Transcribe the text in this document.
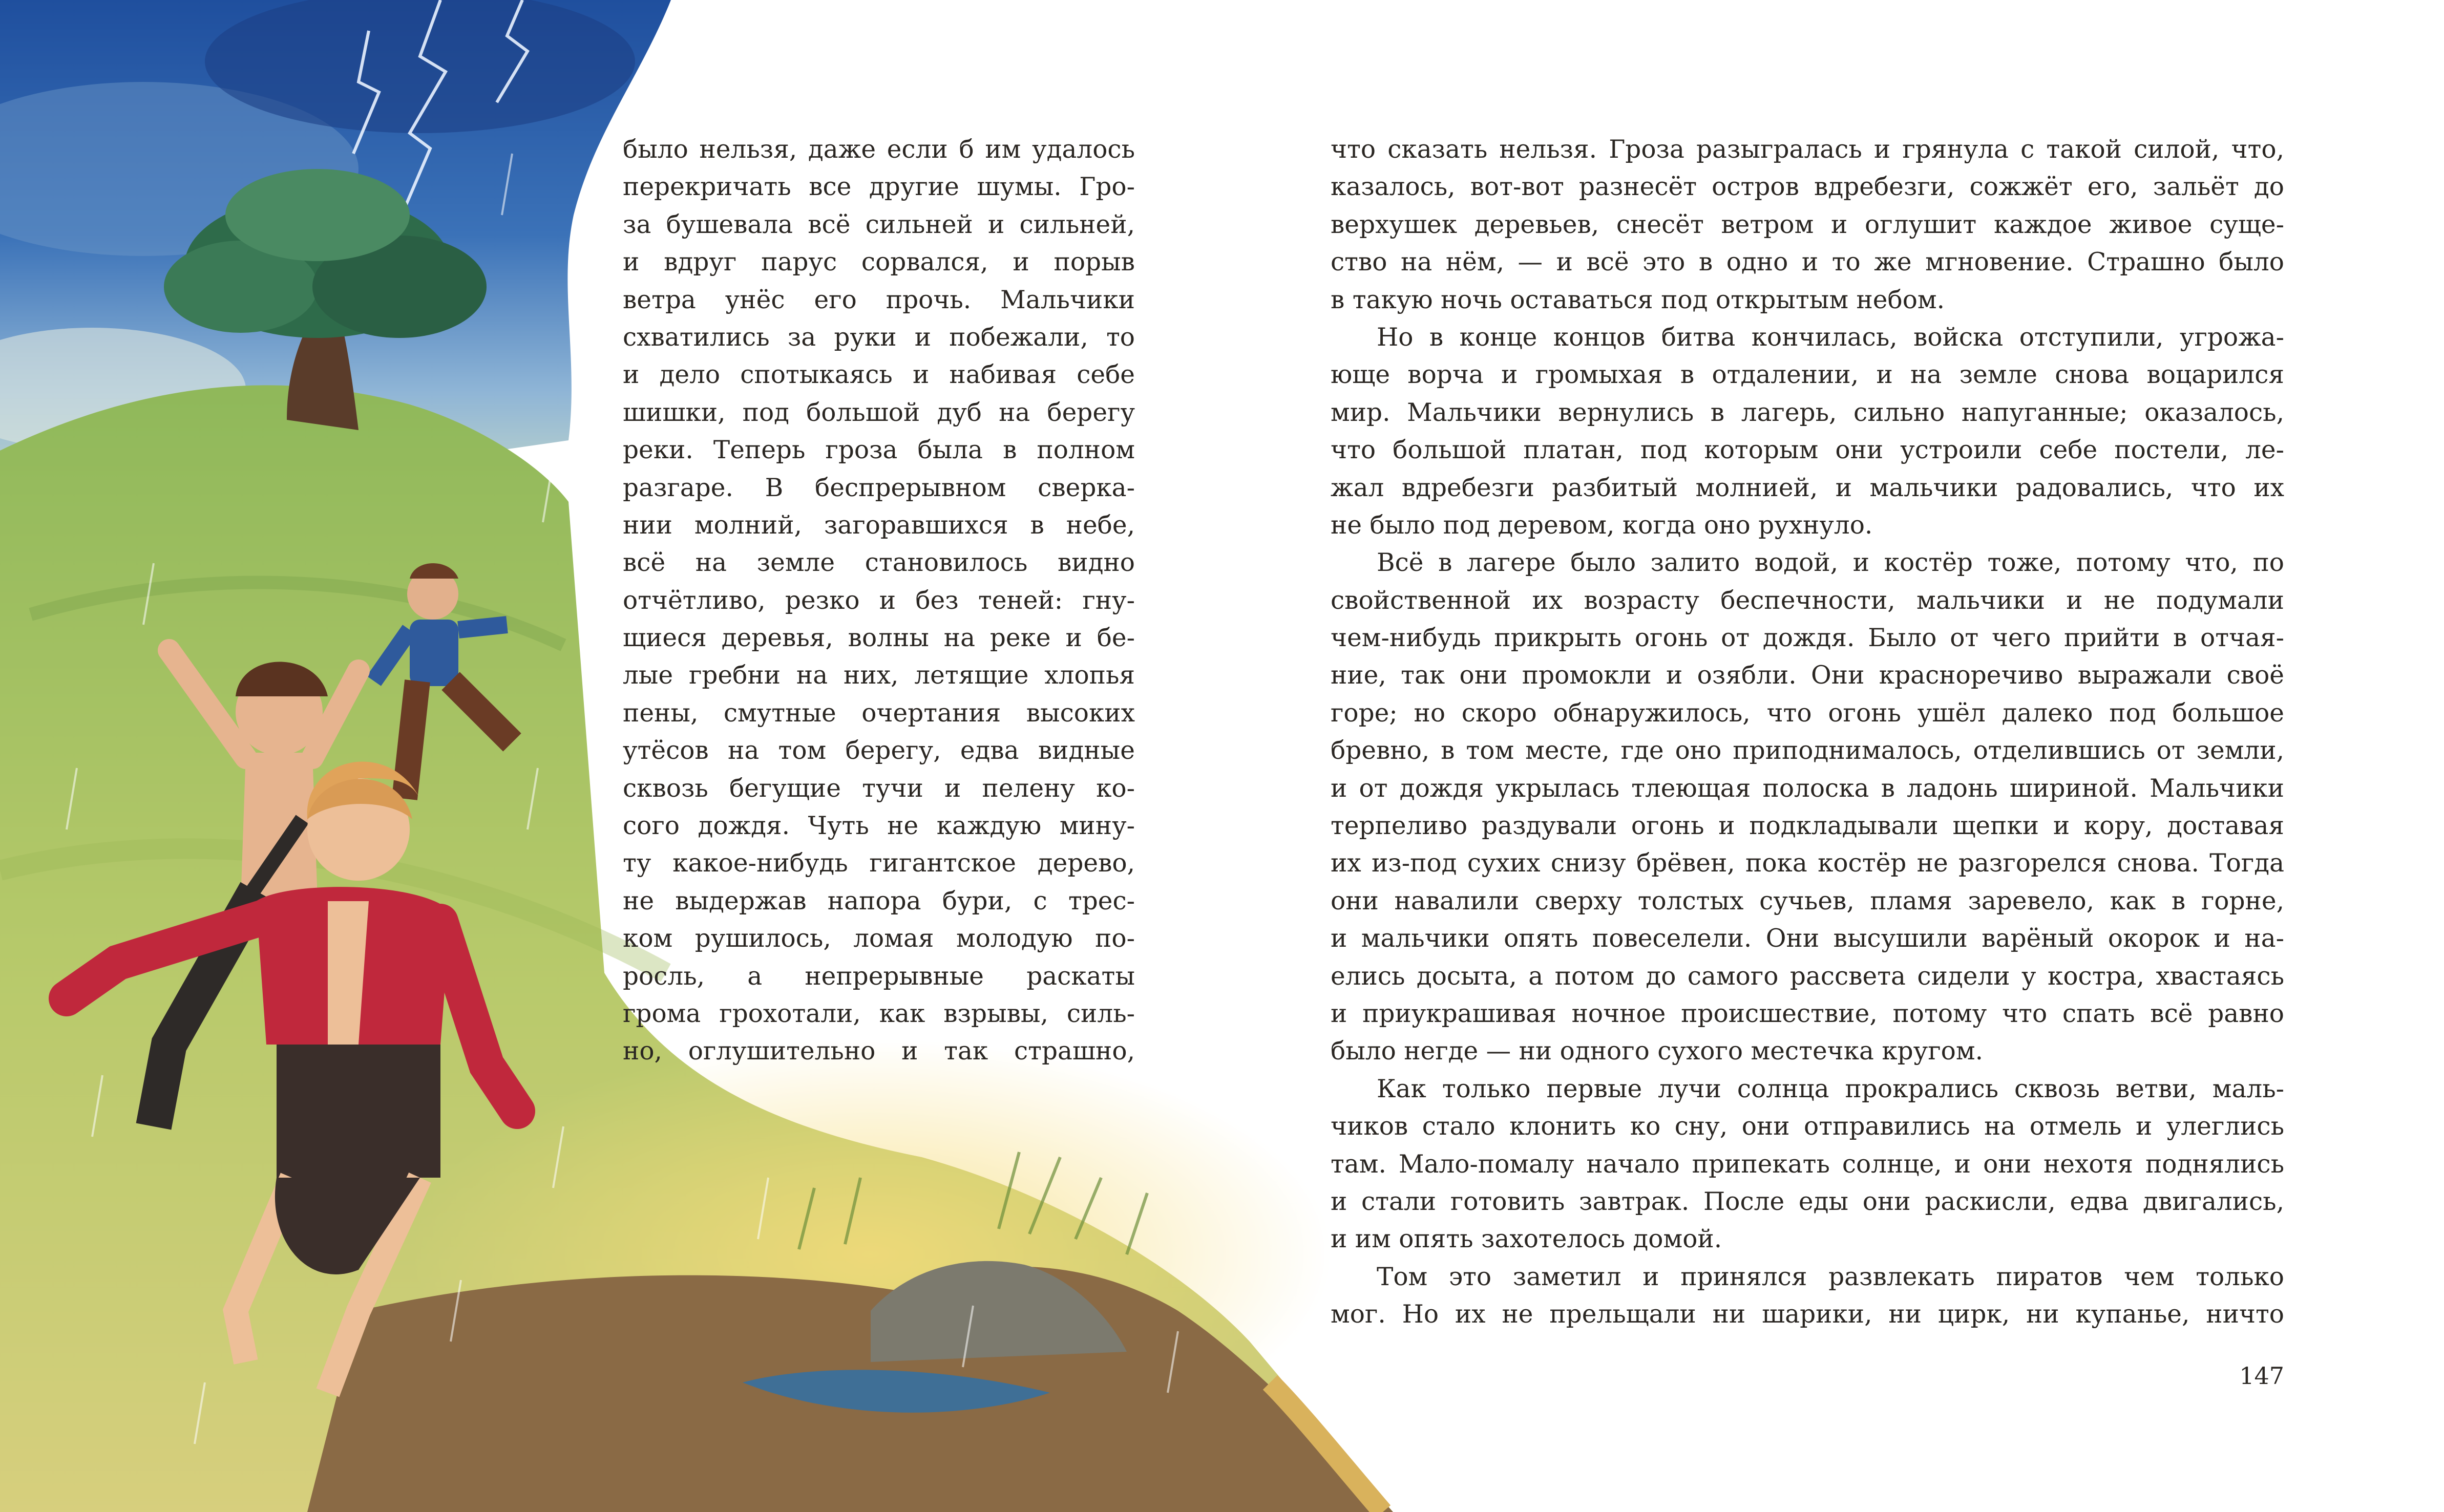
было нельзя, даже если б им удалось
перекричать все другие шумы. Гро-
за бушевала всё сильней и сильней,
и вдруг парус сорвался, и порыв
ветра унёс его прочь. Мальчики
схватились за руки и побежали, то
и дело спотыкаясь и набивая себе
шишки, под большой дуб на берегу
реки. Теперь гроза была в полном
разгаре. В беспрерывном сверка-
нии молний, загоравшихся в небе,
всё на земле становилось видно
отчётливо, резко и без теней: гну-
щиеся деревья, волны на реке и бе-
лые гребни на них, летящие хлопья
пены, смутные очертания высоких
утёсов на том берегу, едва видные
сквозь бегущие тучи и пелену ко-
сого дождя. Чуть не каждую мину-
ту какое-нибудь гигантское дерево,
не выдержав напора бури, с трес-
ком рушилось, ломая молодую по-
росль, а непрерывные раскаты
грома грохотали, как взрывы, силь-
но, оглушительно и так страшно,
что сказать нельзя. Гроза разыгралась и грянула с такой силой, что,
казалось, вот-вот разнесёт остров вдребезги, сожжёт его, зальёт до
верхушек деревьев, снесёт ветром и оглушит каждое живое суще-
ство на нём, — и всё это в одно и то же мгновение. Страшно было
в такую ночь оставаться под открытым небом.
Но в конце концов битва кончилась, войска отступили, угрожа-
юще ворча и громыхая в отдалении, и на земле снова воцарился
мир. Мальчики вернулись в лагерь, сильно напуганные; оказалось,
что большой платан, под которым они устроили себе постели, ле-
жал вдребезги разбитый молнией, и мальчики радовались, что их
не было под деревом, когда оно рухнуло.
Всё в лагере было залито водой, и костёр тоже, потому что, по
свойственной их возрасту беспечности, мальчики и не подумали
чем-нибудь прикрыть огонь от дождя. Было от чего прийти в отчая-
ние, так они промокли и озябли. Они красноречиво выражали своё
горе; но скоро обнаружилось, что огонь ушёл далеко под большое
бревно, в том месте, где оно приподнималось, отделившись от земли,
и от дождя укрылась тлеющая полоска в ладонь шириной. Мальчики
терпеливо раздували огонь и подкладывали щепки и кору, доставая
их из-под сухих снизу брёвен, пока костёр не разгорелся снова. Тогда
они навалили сверху толстых сучьев, пламя заревело, как в горне,
и мальчики опять повеселели. Они высушили варёный окорок и на-
елись досыта, а потом до самого рассвета сидели у костра, хвастаясь
и приукрашивая ночное происшествие, потому что спать всё равно
было негде — ни одного сухого местечка кругом.
Как только первые лучи солнца прокрались сквозь ветви, маль-
чиков стало клонить ко сну, они отправились на отмель и улеглись
там. Мало-помалу начало припекать солнце, и они нехотя поднялись
и стали готовить завтрак. После еды они раскисли, едва двигались,
и им опять захотелось домой.
Том это заметил и принялся развлекать пиратов чем только
мог. Но их не прельщали ни шарики, ни цирк, ни купанье, ничто
147
